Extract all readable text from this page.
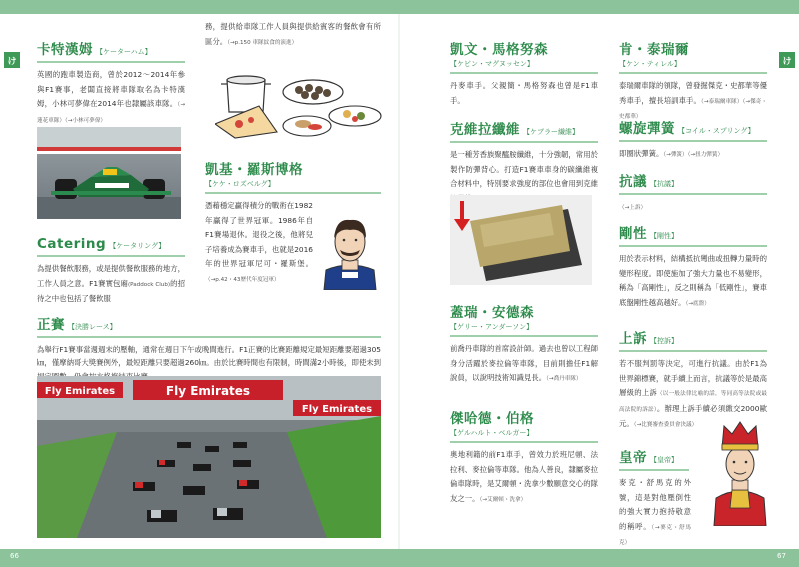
66	67
け	け
卡特漢姆 【ケーターハム】
英國的跑車製造商，曾於2012～2014年參與F1賽事，老闆直接將車隊取名為卡特漢姆，小林可夢偉在2014年也隸屬該車隊。（→蓮花車隊）（→小林可夢偉）
Catering 【ケータリング】
為提供餐飲服務，或是提供餐飲服務的地方，工作人員之意。F1賽實包廂(Paddock Club)的招待之中也包括了餐飲服
務，提供給車隊工作人員與提供給賓客的餐飲會有所區分。（→p.150 車隊紋食的演進）
凱基・羅斯博格
【ケケ・ロズベルグ】
憑藉穩定贏得積分的戰術在1982年贏得了世界冠軍。1986年自F1賽場退休。退役之後，他將兒子培養成為賽車手，也就是2016年的世界冠軍尼可・羅斯堡。（→p.42・43歷代年度冠軍）
正賽 【決勝レース】
為舉行F1賽事當週週末的壓軸，通常在週日下午或晚間進行。F1正賽的比賽距離規定最短距離要超過305㎞，僅摩納哥大獎賽例外，最短距離只要超過260㎞。由於比賽時間也有限制，時間滿2小時後，即使未到
Fly Emirates
Fly Emirates
Fly Emirates
凱文・馬格努森
【ケビン・マグヌッセン】
丹麥車手。父親簡・馬格努森也曾是F1車手。
克維拉纖維 【ケブラー繊維】
是一種芳香族聚醯胺纖維，十分強韌，常用於製作防彈背心。打造F1賽車車身的碳纖維複合材料中，特別要求強度的部位也會用到克維
蓋瑞・安德森
【ゲリー・アンダーソン】
前喬丹車隊的首席設計師。過去也曾以工程師身分活躍於麥拉倫等車隊，目前則擔任F1解說員，以說明技術知識見長。（→喬丹車隊）
傑哈德・伯格
【ゲルハルト・ベルガー】
奧地利籍的前F1車手，曾效力於班尼頓、法拉利、麥拉倫等車隊。他為人善良，隸屬麥拉倫車隊時，是艾爾頓・洗拿少數願意交心的隊友之一。（→艾爾頓・洗拿）
肯・泰瑞爾
【ケン・ティレル】
泰瑞爾車隊的領隊，曾發掘傑克・史都華等優秀車手，擅長培訓車手。（→泰瑞爾車隊）（→傑奇・史都華）
螺旋彈簧 【コイル・スプリング】
即圈狀彈簧。（→彈簧）（→扭力彈簧）
抗議 【抗議】
（→上訴）
剛性 【剛性】
用於表示材料，結構抵抗彎曲或扭轉力量時的變形程度。即使施加了強大力量也不易變形，稱為「高剛性」，反之則稱為「低剛性」，賽車底盤剛性越高越好。（→底盤）
上訴 【控訴】
若不服判罰等決定，可進行抗議。由於F1為世界錦標賽，就手續上而言，抗議等於是最高層級的上訴（以一般法律比喻的話，等同高等法院或最高法院的訴訟）。辦理上訴手續必須繳交2000歐元。（→比賽審查委員會決議）
皇帝 【皇帝】
麥克・舒馬克的外號，這是對他壓倒性的強大實力抱持敬意的稱呼。（→麥克・舒馬克）
